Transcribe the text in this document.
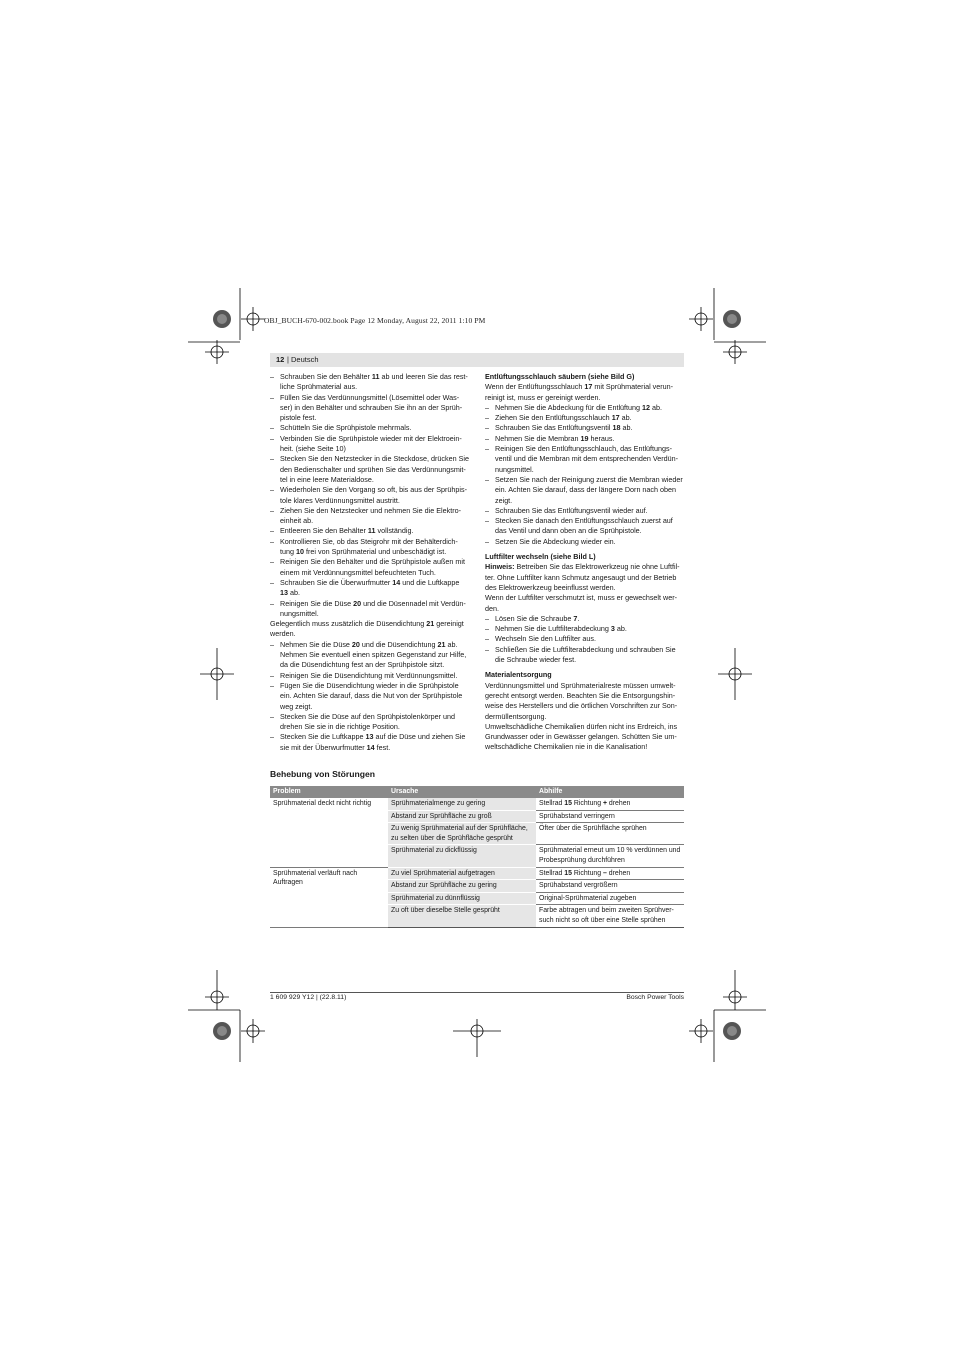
OBJ_BUCH-670-002.book Page 12 Monday, August 22, 2011 1:10 PM
12 | Deutsch

– Schrauben Sie den Behälter 11 ab und leeren Sie das rest-liche Sprühmaterial aus.

– Füllen Sie das Verdünnungsmittel (Lösemittel oder Was-ser) in den Behälter und schrauben Sie ihn an der Sprüh-pistole fest.

– Schütteln Sie die Sprühpistole mehrmals.

– Verbinden Sie die Sprühpistole wieder mit der Elektroein-heit. (siehe Seite 10)

– Stecken Sie den Netzstecker in die Steckdose, drücken Sie den Bedienschalter und sprühen Sie das Verdünnungsmit-tel in eine leere Materialdose.

– Wiederholen Sie den Vorgang so oft, bis aus der Sprühpis-tole klares Verdünnungsmittel austritt.

– Ziehen Sie den Netzstecker und nehmen Sie die Elektro-einheit ab.

– Entleeren Sie den Behälter 11 vollständig.

– Kontrollieren Sie, ob das Steigrohr mit der Behälterdich-tung 10 frei von Sprühmaterial und unbeschädigt ist.

– Reinigen Sie den Behälter und die Sprühpistole außen mit einem mit Verdünnungsmittel befeuchteten Tuch.

– Schrauben Sie die Überwurfmutter 14 und die Luftkappe 13 ab.

– Reinigen Sie die Düse 20 und die Düsennadel mit Verdün-nungsmittel.

Gelegentlich muss zusätzlich die Düsendichtung 21 gereinigt werden.

– Nehmen Sie die Düse 20 und die Düsendichtung 21 ab. Nehmen Sie eventuell einen spitzen Gegenstand zur Hilfe, da die Düsendichtung fest an der Sprühpistole sitzt.

– Reinigen Sie die Düsendichtung mit Verdünnungsmittel.

– Fügen Sie die Düsendichtung wieder in die Sprühpistole ein. Achten Sie darauf, dass die Nut von der Sprühpistole weg zeigt.

– Stecken Sie die Düse auf den Sprühpistolenkörper und drehen Sie sie in die richtige Position.

– Stecken Sie die Luftkappe 13 auf die Düse und ziehen Sie sie mit der Überwurfmutter 14 fest.

Entlüftungsschlauch säubern (siehe Bild G)

Wenn der Entlüftungsschlauch 17 mit Sprühmaterial verun-reinigt ist, muss er gereinigt werden.

– Nehmen Sie die Abdeckung für die Entlüftung 12 ab.

– Ziehen Sie den Entlüftungsschlauch 17 ab.

– Schrauben Sie das Entlüftungsventil 18 ab.

– Nehmen Sie die Membran 19 heraus.

– Reinigen Sie den Entlüftungsschlauch, das Entlüftungs-ventil und die Membran mit dem entsprechenden Verdün-nungsmittel.

– Setzen Sie nach der Reinigung zuerst die Membran wieder ein. Achten Sie darauf, dass der längere Dorn nach oben zeigt.

– Schrauben Sie das Entlüftungsventil wieder auf.

– Stecken Sie danach den Entlüftungsschlauch zuerst auf das Ventil und dann oben an die Sprühpistole.

– Setzen Sie die Abdeckung wieder ein.

Luftfilter wechseln (siehe Bild L)

Hinweis: Betreiben Sie das Elektrowerkzeug nie ohne Luftfil-ter. Ohne Luftfilter kann Schmutz angesaugt und der Betrieb des Elektrowerkzeug beeinflusst werden.

Wenn der Luftfilter verschmutzt ist, muss er gewechselt wer-den.

– Lösen Sie die Schraube 7.

– Nehmen Sie die Luftfilterabdeckung 3 ab.

– Wechseln Sie den Luftfilter aus.

– Schließen Sie die Luftfilterabdeckung und schrauben Sie die Schraube wieder fest.

Materialentsorgung

Verdünnungsmittel und Sprühmaterialreste müssen umwelt-gerecht entsorgt werden. Beachten Sie die Entsorgungshin-weise des Herstellers und die örtlichen Vorschriften zur Son-dermüllentsorgung.

Umweltschädliche Chemikalien dürfen nicht ins Erdreich, ins Grundwasser oder in Gewässer gelangen. Schütten Sie um-weltschädliche Chemikalien nie in die Kanalisation!

Behebung von Störungen
Problem	Ursache	Abhilfe
Sprühmaterial deckt nicht richtig	Sprühmaterialmenge zu gering	Stellrad 15 Richtung + drehen
	Abstand zur Sprühfläche zu groß	Sprühabstand verringern
	Zu wenig Sprühmaterial auf der Sprühfläche, zu selten über die Sprühfläche gesprüht	Öfter über die Sprühfläche sprühen
	Sprühmaterial zu dickflüssig	Sprühmaterial erneut um 10 % verdünnen und Probesprühung durchführen
Sprühmaterial verläuft nach Auftragen	Zu viel Sprühmaterial aufgetragen	Stellrad 15 Richtung – drehen
	Abstand zur Sprühfläche zu gering	Sprühabstand vergrößern
	Sprühmaterial zu dünnflüssig	Original-Sprühmaterial zugeben
	Zu oft über dieselbe Stelle gesprüht	Farbe abtragen und beim zweiten Sprühver-such nicht so oft über eine Stelle sprühen
1 609 929 Y12 | (22.8.11)	Bosch Power Tools
